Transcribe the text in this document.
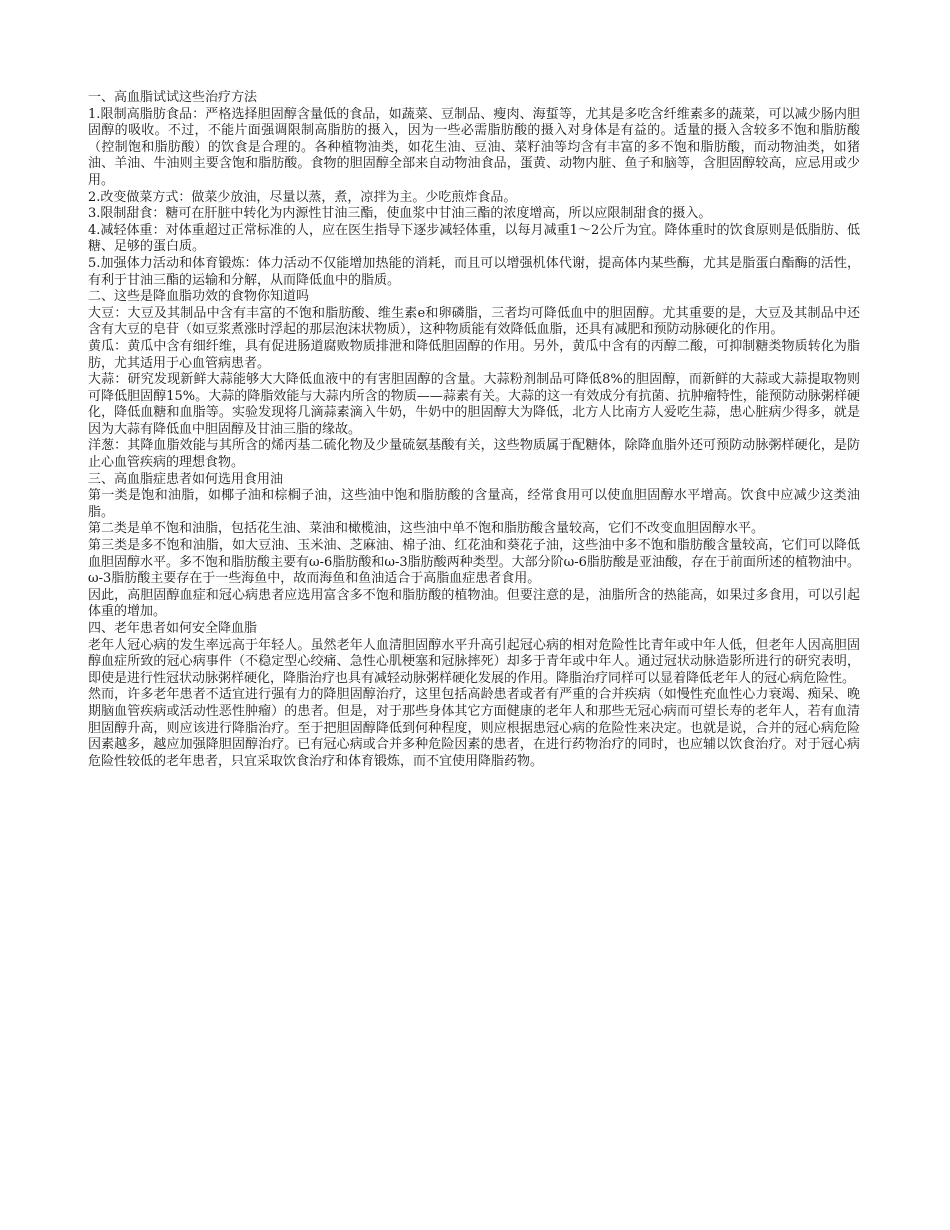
一、高血脂试试这些治疗方法

1.限制高脂肪食品：严格选择胆固醇含量低的食品，如蔬菜、豆制品、瘦肉、海蜇等，尤其是多吃含纤维素多的蔬菜，可以减少肠内胆固醇的吸收。不过，不能片面强调限制高脂肪的摄入，因为一些必需脂肪酸的摄入对身体是有益的。适量的摄入含较多不饱和脂肪酸（控制饱和脂肪酸）的饮食是合理的。各种植物油类，如花生油、豆油、菜籽油等均含有丰富的多不饱和脂肪酸，而动物油类，如猪油、羊油、牛油则主要含饱和脂肪酸。食物的胆固醇全部来自动物油食品，蛋黄、动物内脏、鱼子和脑等，含胆固醇较高，应忌用或少用。

2.改变做菜方式：做菜少放油，尽量以蒸，煮，凉拌为主。少吃煎炸食品。

3.限制甜食：糖可在肝脏中转化为内源性甘油三酯，使血浆中甘油三酯的浓度增高，所以应限制甜食的摄入。

4.减轻体重：对体重超过正常标准的人，应在医生指导下逐步减轻体重，以每月减重1～2公斤为宜。降体重时的饮食原则是低脂肪、低糖、足够的蛋白质。

5.加强体力活动和体育锻炼：体力活动不仅能增加热能的消耗，而且可以增强机体代谢，提高体内某些酶，尤其是脂蛋白酯酶的活性，有利于甘油三酯的运输和分解，从而降低血中的脂质。

二、这些是降血脂功效的食物你知道吗

大豆：大豆及其制品中含有丰富的不饱和脂肪酸、维生素e和卵磷脂，三者均可降低血中的胆固醇。尤其重要的是，大豆及其制品中还含有大豆的皂苷（如豆浆煮涨时浮起的那层泡沫状物质），这种物质能有效降低血脂，还具有减肥和预防动脉硬化的作用。

黄瓜：黄瓜中含有细纤维，具有促进肠道腐败物质排泄和降低胆固醇的作用。另外，黄瓜中含有的丙醇二酸，可抑制糖类物质转化为脂肪，尤其适用于心血管病患者。

大蒜：研究发现新鲜大蒜能够大大降低血液中的有害胆固醇的含量。大蒜粉剂制品可降低8%的胆固醇，而新鲜的大蒜或大蒜提取物则可降低胆固醇15%。大蒜的降脂效能与大蒜内所含的物质——蒜素有关。大蒜的这一有效成分有抗菌、抗肿瘤特性，能预防动脉粥样硬化，降低血糖和血脂等。实验发现将几滴蒜素滴入牛奶，牛奶中的胆固醇大为降低，北方人比南方人爱吃生蒜，患心脏病少得多，就是因为大蒜有降低血中胆固醇及甘油三脂的缘故。

洋葱：其降血脂效能与其所含的烯丙基二硫化物及少量硫氨基酸有关，这些物质属于配糖体，除降血脂外还可预防动脉粥样硬化，是防止心血管疾病的理想食物。

三、高血脂症患者如何选用食用油

第一类是饱和油脂，如椰子油和棕榈子油，这些油中饱和脂肪酸的含量高，经常食用可以使血胆固醇水平增高。饮食中应减少这类油脂。

第二类是单不饱和油脂，包括花生油、菜油和橄榄油，这些油中单不饱和脂肪酸含量较高，它们不改变血胆固醇水平。

第三类是多不饱和油脂，如大豆油、玉米油、芝麻油、棉子油、红花油和葵花子油，这些油中多不饱和脂肪酸含量较高，它们可以降低血胆固醇水平。多不饱和脂肪酸主要有ω-6脂肪酸和ω-3脂肪酸两种类型。大部分阶ω-6脂肪酸是亚油酸，存在于前面所述的植物油中。ω-3脂肪酸主要存在于一些海鱼中，故而海鱼和鱼油适合于高脂血症患者食用。

因此，高胆固醇血症和冠心病患者应选用富含多不饱和脂肪酸的植物油。但要注意的是，油脂所含的热能高，如果过多食用，可以引起体重的增加。

四、老年患者如何安全降血脂

老年人冠心病的发生率远高于年轻人。虽然老年人血清胆固醇水平升高引起冠心病的相对危险性比青年或中年人低，但老年人因高胆固醇血症所致的冠心病事件（不稳定型心绞痛、急性心肌梗塞和冠脉摔死）却多于青年或中年人。通过冠状动脉造影所进行的研究表明，即使是进行性冠状动脉粥样硬化，降脂治疗也具有减轻动脉粥样硬化发展的作用。降脂治疗同样可以显着降低老年人的冠心病危险性。

然而，许多老年患者不适宜进行强有力的降胆固醇治疗，这里包括高龄患者或者有严重的合并疾病（如慢性充血性心力衰竭、痴呆、晚期脑血管疾病或活动性恶性肿瘤）的患者。但是，对于那些身体其它方面健康的老年人和那些无冠心病而可望长寿的老年人，若有血清胆固醇升高，则应该进行降脂治疗。至于把胆固醇降低到何种程度，则应根据患冠心病的危险性来决定。也就是说，合并的冠心病危险因素越多，越应加强降胆固醇治疗。已有冠心病或合并多种危险因素的患者，在进行药物治疗的同时，也应辅以饮食治疗。对于冠心病危险性较低的老年患者，只宜采取饮食治疗和体育锻炼，而不宜使用降脂药物。
